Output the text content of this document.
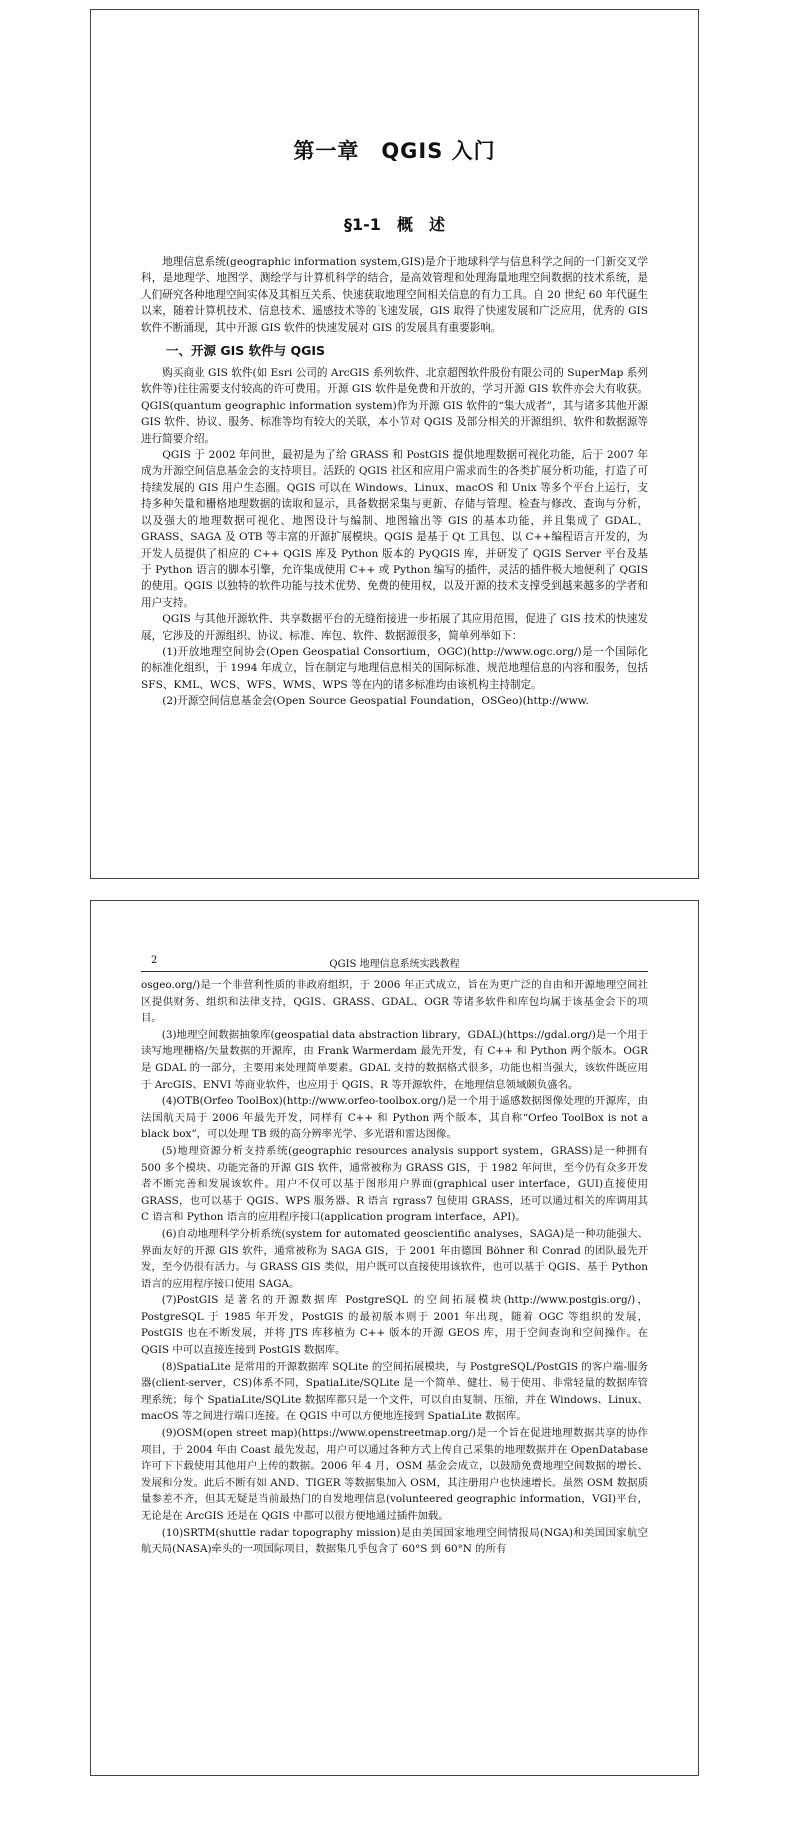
第一章　QGIS 入门
§1-1　概　述

地理信息系统(geographic information system,GIS)是介于地球科学与信息科学之间的一门新交叉学科，是地理学、地图学、测绘学与计算机科学的结合，是高效管理和处理海量地理空间数据的技术系统，是人们研究各种地理空间实体及其相互关系、快速获取地理空间相关信息的有力工具。自 20 世纪 60 年代诞生以来，随着计算机技术、信息技术、遥感技术等的飞速发展，GIS 取得了快速发展和广泛应用，优秀的 GIS 软件不断涌现，其中开源 GIS 软件的快速发展对 GIS 的发展具有重要影响。

一、开源 GIS 软件与 QGIS

购买商业 GIS 软件(如 Esri 公司的 ArcGIS 系列软件、北京超图软件股份有限公司的 SuperMap 系列软件等)往往需要支付较高的许可费用。开源 GIS 软件是免费和开放的，学习开源 GIS 软件亦会大有收获。QGIS(quantum geographic information system)作为开源 GIS 软件的“集大成者”，其与诸多其他开源 GIS 软件、协议、服务、标准等均有较大的关联，本小节对 QGIS 及部分相关的开源组织、软件和数据源等进行简要介绍。

QGIS 于 2002 年问世，最初是为了给 GRASS 和 PostGIS 提供地理数据可视化功能，后于 2007 年成为开源空间信息基金会的支持项目。活跃的 QGIS 社区和应用户需求而生的各类扩展分析功能，打造了可持续发展的 GIS 用户生态圈。QGIS 可以在 Windows、Linux、macOS 和 Unix 等多个平台上运行，支持多种矢量和栅格地理数据的读取和显示，具备数据采集与更新、存储与管理、检查与修改、查询与分析，以及强大的地理数据可视化、地图设计与编制、地图输出等 GIS 的基本功能，并且集成了 GDAL、GRASS、SAGA 及 OTB 等丰富的开源扩展模块。QGIS 是基于 Qt 工具包、以 C++编程语言开发的，为开发人员提供了相应的 C++ QGIS 库及 Python 版本的 PyQGIS 库，并研发了 QGIS Server 平台及基于 Python 语言的脚本引擎，允许集成使用 C++ 或 Python 编写的插件，灵活的插件极大地便利了 QGIS 的使用。QGIS 以独特的软件功能与技术优势、免费的使用权，以及开源的技术支撑受到越来越多的学者和用户支持。

QGIS 与其他开源软件、共享数据平台的无缝衔接进一步拓展了其应用范围，促进了 GIS 技术的快速发展，它涉及的开源组织、协议、标准、库包、软件、数据源很多，简单列举如下：

(1)开放地理空间协会(Open Geospatial Consortium，OGC)(http://www.ogc.org/)是一个国际化的标准化组织，于 1994 年成立，旨在制定与地理信息相关的国际标准、规范地理信息的内容和服务，包括 SFS、KML、WCS、WFS、WMS、WPS 等在内的诸多标准均由该机构主持制定。

(2)开源空间信息基金会(Open Source Geospatial Foundation，OSGeo)(http://www.

2	QGIS 地理信息系统实践教程

osgeo.org/)是一个非营利性质的非政府组织，于 2006 年正式成立，旨在为更广泛的自由和开源地理空间社区提供财务、组织和法律支持，QGIS、GRASS、GDAL、OGR 等诸多软件和库包均属于该基金会下的项目。

(3)地理空间数据抽象库(geospatial data abstraction library，GDAL)(https://gdal.org/)是一个用于读写地理栅格/矢量数据的开源库，由 Frank Warmerdam 最先开发，有 C++ 和 Python 两个版本。OGR 是 GDAL 的一部分，主要用来处理简单要素。GDAL 支持的数据格式很多，功能也相当强大，该软件既应用于 ArcGIS、ENVI 等商业软件，也应用于 QGIS、R 等开源软件，在地理信息领域颇负盛名。

(4)OTB(Orfeo ToolBox)(http://www.orfeo-toolbox.org/)是一个用于遥感数据图像处理的开源库，由法国航天局于 2006 年最先开发，同样有 C++ 和 Python 两个版本，其自称“Orfeo ToolBox is not a black box”，可以处理 TB 级的高分辨率光学、多光谱和雷达图像。

(5)地理资源分析支持系统(geographic resources analysis support system，GRASS)是一种拥有 500 多个模块、功能完备的开源 GIS 软件，通常被称为 GRASS GIS，于 1982 年问世，至今仍有众多开发者不断完善和发展该软件。用户不仅可以基于图形用户界面(graphical user interface，GUI)直接使用 GRASS，也可以基于 QGIS、WPS 服务器、R 语言 rgrass7 包使用 GRASS，还可以通过相关的库调用其 C 语言和 Python 语言的应用程序接口(application program interface，API)。

(6)自动地理科学分析系统(system for automated geoscientific analyses，SAGA)是一种功能强大、界面友好的开源 GIS 软件，通常被称为 SAGA GIS，于 2001 年由德国 Böhner 和 Conrad 的团队最先开发，至今仍很有活力。与 GRASS GIS 类似，用户既可以直接使用该软件，也可以基于 QGIS、基于 Python 语言的应用程序接口使用 SAGA。

(7)PostGIS 是著名的开源数据库 PostgreSQL 的空间拓展模块(http://www.postgis.org/)，PostgreSQL 于 1985 年开发，PostGIS 的最初版本则于 2001 年出现，随着 OGC 等组织的发展，PostGIS 也在不断发展，并将 JTS 库移植为 C++ 版本的开源 GEOS 库，用于空间查询和空间操作。在 QGIS 中可以直接连接到 PostGIS 数据库。

(8)SpatiaLite 是常用的开源数据库 SQLite 的空间拓展模块，与 PostgreSQL/PostGIS 的客户端-服务器(client-server，CS)体系不同，SpatiaLite/SQLite 是一个简单、健壮、易于使用、非常轻量的数据库管理系统；每个 SpatiaLite/SQLite 数据库都只是一个文件，可以自由复制、压缩，并在 Windows、Linux、macOS 等之间进行端口连接。在 QGIS 中可以方便地连接到 SpatiaLite 数据库。

(9)OSM(open street map)(https://www.openstreetmap.org/)是一个旨在促进地理数据共享的协作项目，于 2004 年由 Coast 最先发起，用户可以通过各种方式上传自己采集的地理数据并在 OpenDatabase 许可下下载使用其他用户上传的数据。2006 年 4 月，OSM 基金会成立，以鼓励免费地理空间数据的增长、发展和分发。此后不断有如 AND、TIGER 等数据集加入 OSM，其注册用户也快速增长。虽然 OSM 数据质量参差不齐，但其无疑是当前最热门的自发地理信息(volunteered geographic information，VGI)平台，无论是在 ArcGIS 还是在 QGIS 中都可以很方便地通过插件加载。

(10)SRTM(shuttle radar topography mission)是由美国国家地理空间情报局(NGA)和美国国家航空航天局(NASA)牵头的一项国际项目，数据集几乎包含了 60°S 到 60°N 的所有
